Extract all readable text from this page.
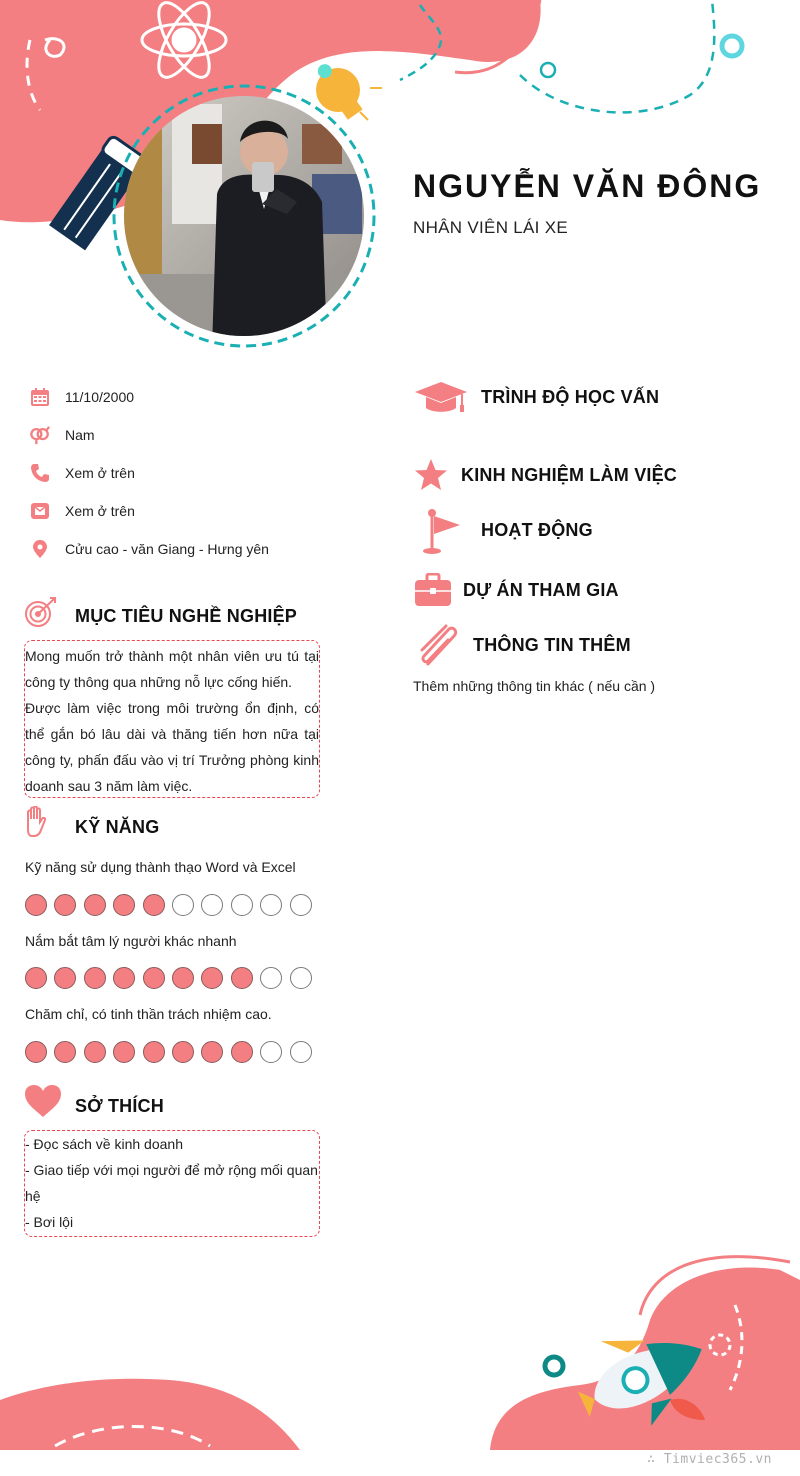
NGUYỄN VĂN ĐÔNG
NHÂN VIÊN LÁI XE
11/10/2000
Nam
Xem ở trên
Xem ở trên
Cửu cao - văn Giang - Hưng yên
MỤC TIÊU NGHỀ NGHIỆP

Mong muốn trở thành một nhân viên ưu tú tại công ty thông qua những nỗ lực cống hiến.

Được làm việc trong môi trường ổn định, có thể gắn bó lâu dài và thăng tiến hơn nữa tại công ty, phấn đấu vào vị trí Trưởng phòng kinh doanh sau 3 năm làm việc.

KỸ NĂNG
Kỹ năng sử dụng thành thạo Word và Excel
Nắm bắt tâm lý người khác nhanh
Chăm chỉ, có tinh thần trách nhiệm cao.
SỞ THÍCH
- Đọc sách về kinh doanh
- Giao tiếp với mọi người để mở rộng mối quan hệ
- Bơi lội
TRÌNH ĐỘ HỌC VẤN
KINH NGHIỆM LÀM VIỆC
HOẠT ĐỘNG
DỰ ÁN THAM GIA
THÔNG TIN THÊM
Thêm những thông tin khác ( nếu cần )
∴ Timviec365.vn
